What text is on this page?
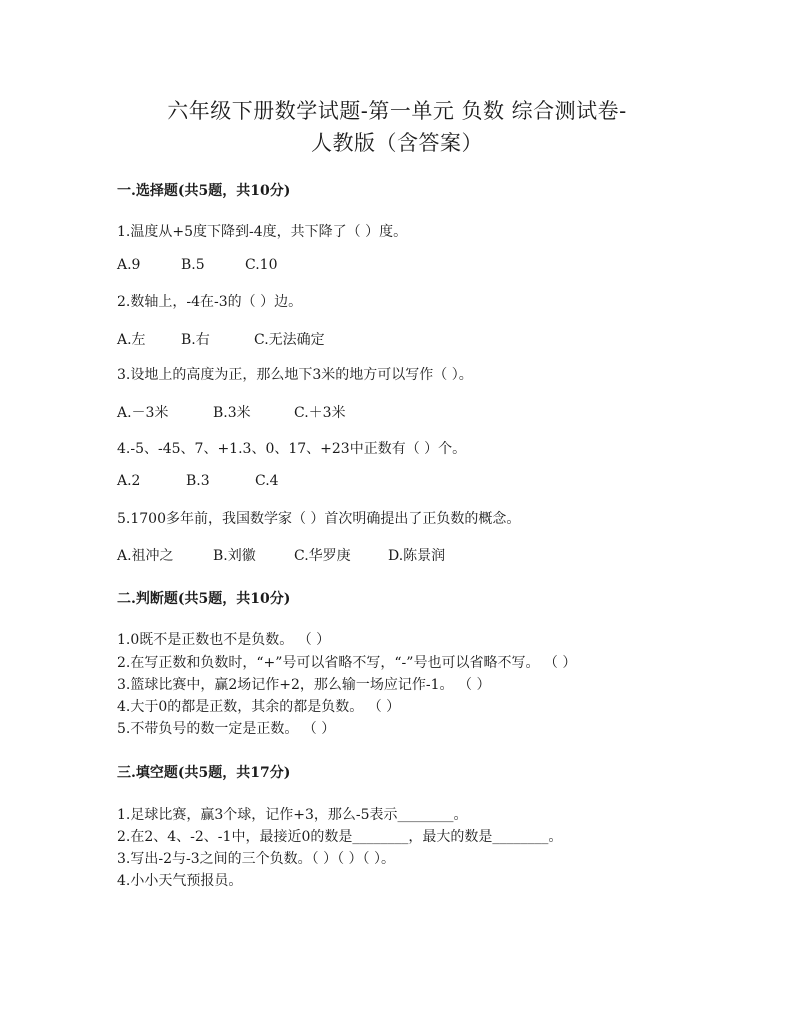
六年级下册数学试题-第一单元 负数 综合测试卷-
人教版（含答案）
一.选择题(共5题，共10分)
1.温度从+5度下降到-4度，共下降了（ ）度。
A.9	B.5	C.10
2.数轴上，-4在-3的（ ）边。
A.左	B.右	C.无法确定
3.设地上的高度为正，那么地下3米的地方可以写作（ ）。
A.－3米	B.3米	C.＋3米
4.-5、-45、7、+1.3、0、17、+23中正数有（ ）个。
A.2	B.3	C.4
5.1700多年前，我国数学家（ ）首次明确提出了正负数的概念。
A.祖冲之	B.刘徽	C.华罗庚	D.陈景润
二.判断题(共5题，共10分)
1.0既不是正数也不是负数。 （ ）
2.在写正数和负数时，“+”号可以省略不写，“-”号也可以省略不写。 （ ）
3.篮球比赛中，赢2场记作+2，那么输一场应记作-1。 （ ）
4.大于0的都是正数，其余的都是负数。 （ ）
5.不带负号的数一定是正数。 （ ）
三.填空题(共5题，共17分)
1.足球比赛，赢3个球，记作+3，那么-5表示________。
2.在2、4、-2、-1中，最接近0的数是________，最大的数是________。
3.写出-2与-3之间的三个负数。（ ）（ ）（ ）。
4.小小天气预报员。
